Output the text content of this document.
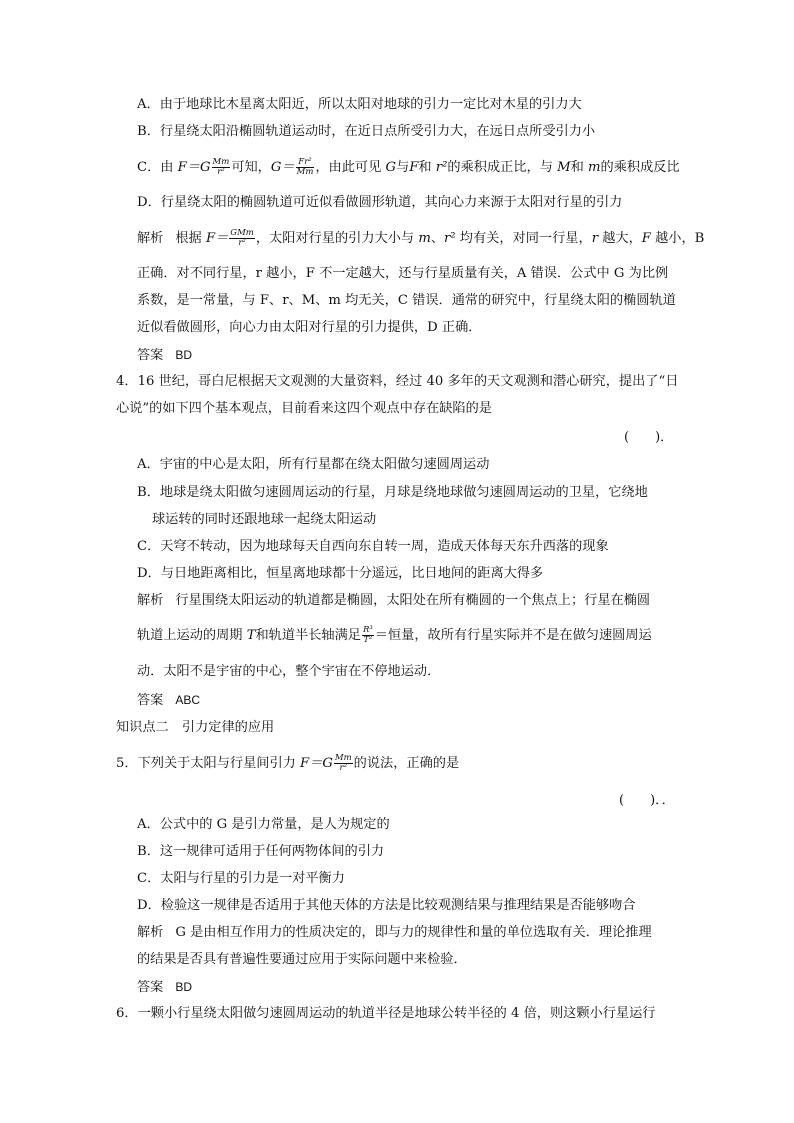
A．由于地球比木星离太阳近，所以太阳对地球的引力一定比对木星的引力大
B．行星绕太阳沿椭圆轨道运动时，在近日点所受引力大，在远日点所受引力小
C．由 $F=G \frac{Mm}{\text{r²}}$ 可知，$G= \frac{\text{Fr²}}{Mm}$ ，由此可见 G与F和 r²的乘积成正比，与 M和 m的乘积成反比
D．行星绕太阳的椭圆轨道可近似看做圆形轨道，其向心力来源于太阳对行星的引力
解析 根据 $F= \frac{\text{GMm}}{\text{r²}}$ ，太阳对行星的引力大小与 m、r² 均有关，对同一行星，r 越大，F 越小，B
正确．对不同行星，r 越小，F 不一定越大，还与行星质量有关，A 错误．公式中 G 为比例
系数，是一常量，与 F、r、M、m 均无关，C 错误．通常的研究中，行星绕太阳的椭圆轨道
近似看做圆形，向心力由太阳对行星的引力提供，D 正确．
答案 BD
4．16 世纪，哥白尼根据天文观测的大量资料，经过 40 多年的天文观测和潜心研究，提出了“日
心说”的如下四个基本观点，目前看来这四个观点中存在缺陷的是
(　　)．
A．宇宙的中心是太阳，所有行星都在绕太阳做匀速圆周运动
B．地球是绕太阳做匀速圆周运动的行星，月球是绕地球做匀速圆周运动的卫星，它绕地
球运转的同时还跟地球一起绕太阳运动
C．天穹不转动，因为地球每天自西向东自转一周，造成天体每天东升西落的现象
D．与日地距离相比，恒星离地球都十分遥远，比日地间的距离大得多
解析 行星围绕太阳运动的轨道都是椭圆，太阳处在所有椭圆的一个焦点上；行星在椭圆
轨道上运动的周期 T和轨道半长轴满足 $\frac{\text{R³}}{\text{T²}}$ ＝恒量，故所有行星实际并不是在做匀速圆周运
动．太阳不是宇宙的中心，整个宇宙在不停地运动．
答案 ABC
知识点二　引力定律的应用
5．下列关于太阳与行星间引力 $F=G \frac{Mm}{\text{r²}}$ 的说法，正确的是
(　　)．．
A．公式中的 G 是引力常量，是人为规定的
B．这一规律可适用于任何两物体间的引力
C．太阳与行星的引力是一对平衡力
D．检验这一规律是否适用于其他天体的方法是比较观测结果与推理结果是否能够吻合
解析 G 是由相互作用力的性质决定的，即与力的规律性和量的单位选取有关．理论推理
的结果是否具有普遍性要通过应用于实际问题中来检验．
答案 BD
6．一颗小行星绕太阳做匀速圆周运动的轨道半径是地球公转半径的 4 倍，则这颗小行星运行
